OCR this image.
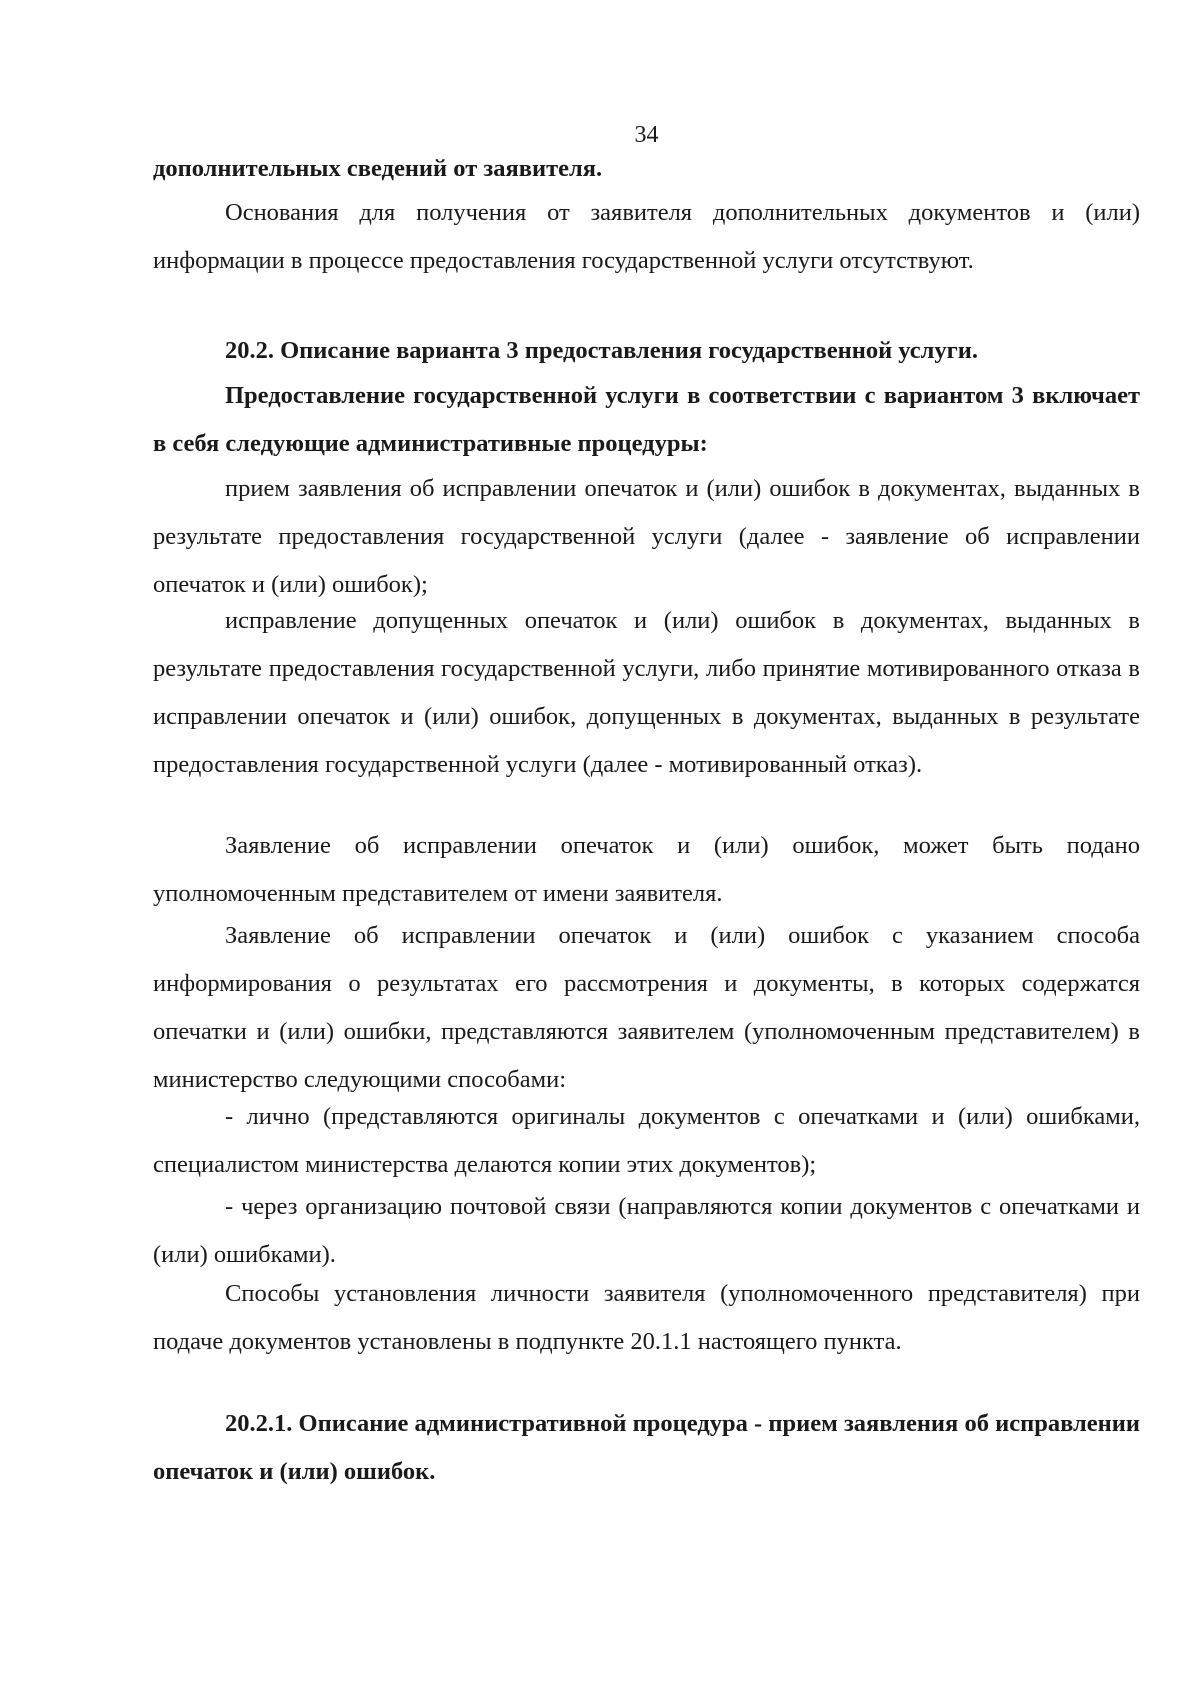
34

дополнительных сведений от заявителя.

Основания для получения от заявителя дополнительных документов и (или) информации в процессе предоставления государственной услуги отсутствуют.

20.2. Описание варианта 3 предоставления государственной услуги.

Предоставление государственной услуги в соответствии с вариантом 3 включает в себя следующие административные процедуры:

прием заявления об исправлении опечаток и (или) ошибок в документах, выданных в результате предоставления государственной услуги (далее - заявление об исправлении опечаток и (или) ошибок);

исправление допущенных опечаток и (или) ошибок в документах, выданных в результате предоставления государственной услуги, либо принятие мотивированного отказа в исправлении опечаток и (или) ошибок, допущенных в документах, выданных в результате предоставления государственной услуги (далее - мотивированный отказ).

Заявление об исправлении опечаток и (или) ошибок, может быть подано уполномоченным представителем от имени заявителя.

Заявление об исправлении опечаток и (или) ошибок с указанием способа информирования о результатах его рассмотрения и документы, в которых содержатся опечатки и (или) ошибки, представляются заявителем (уполномоченным представителем) в министерство следующими способами:

- лично (представляются оригиналы документов с опечатками и (или) ошибками, специалистом министерства делаются копии этих документов);

- через организацию почтовой связи (направляются копии документов с опечатками и (или) ошибками).

Способы установления личности заявителя (уполномоченного представителя) при подаче документов установлены в подпункте 20.1.1 настоящего пункта.

20.2.1. Описание административной процедура - прием заявления об исправлении опечаток и (или) ошибок.
